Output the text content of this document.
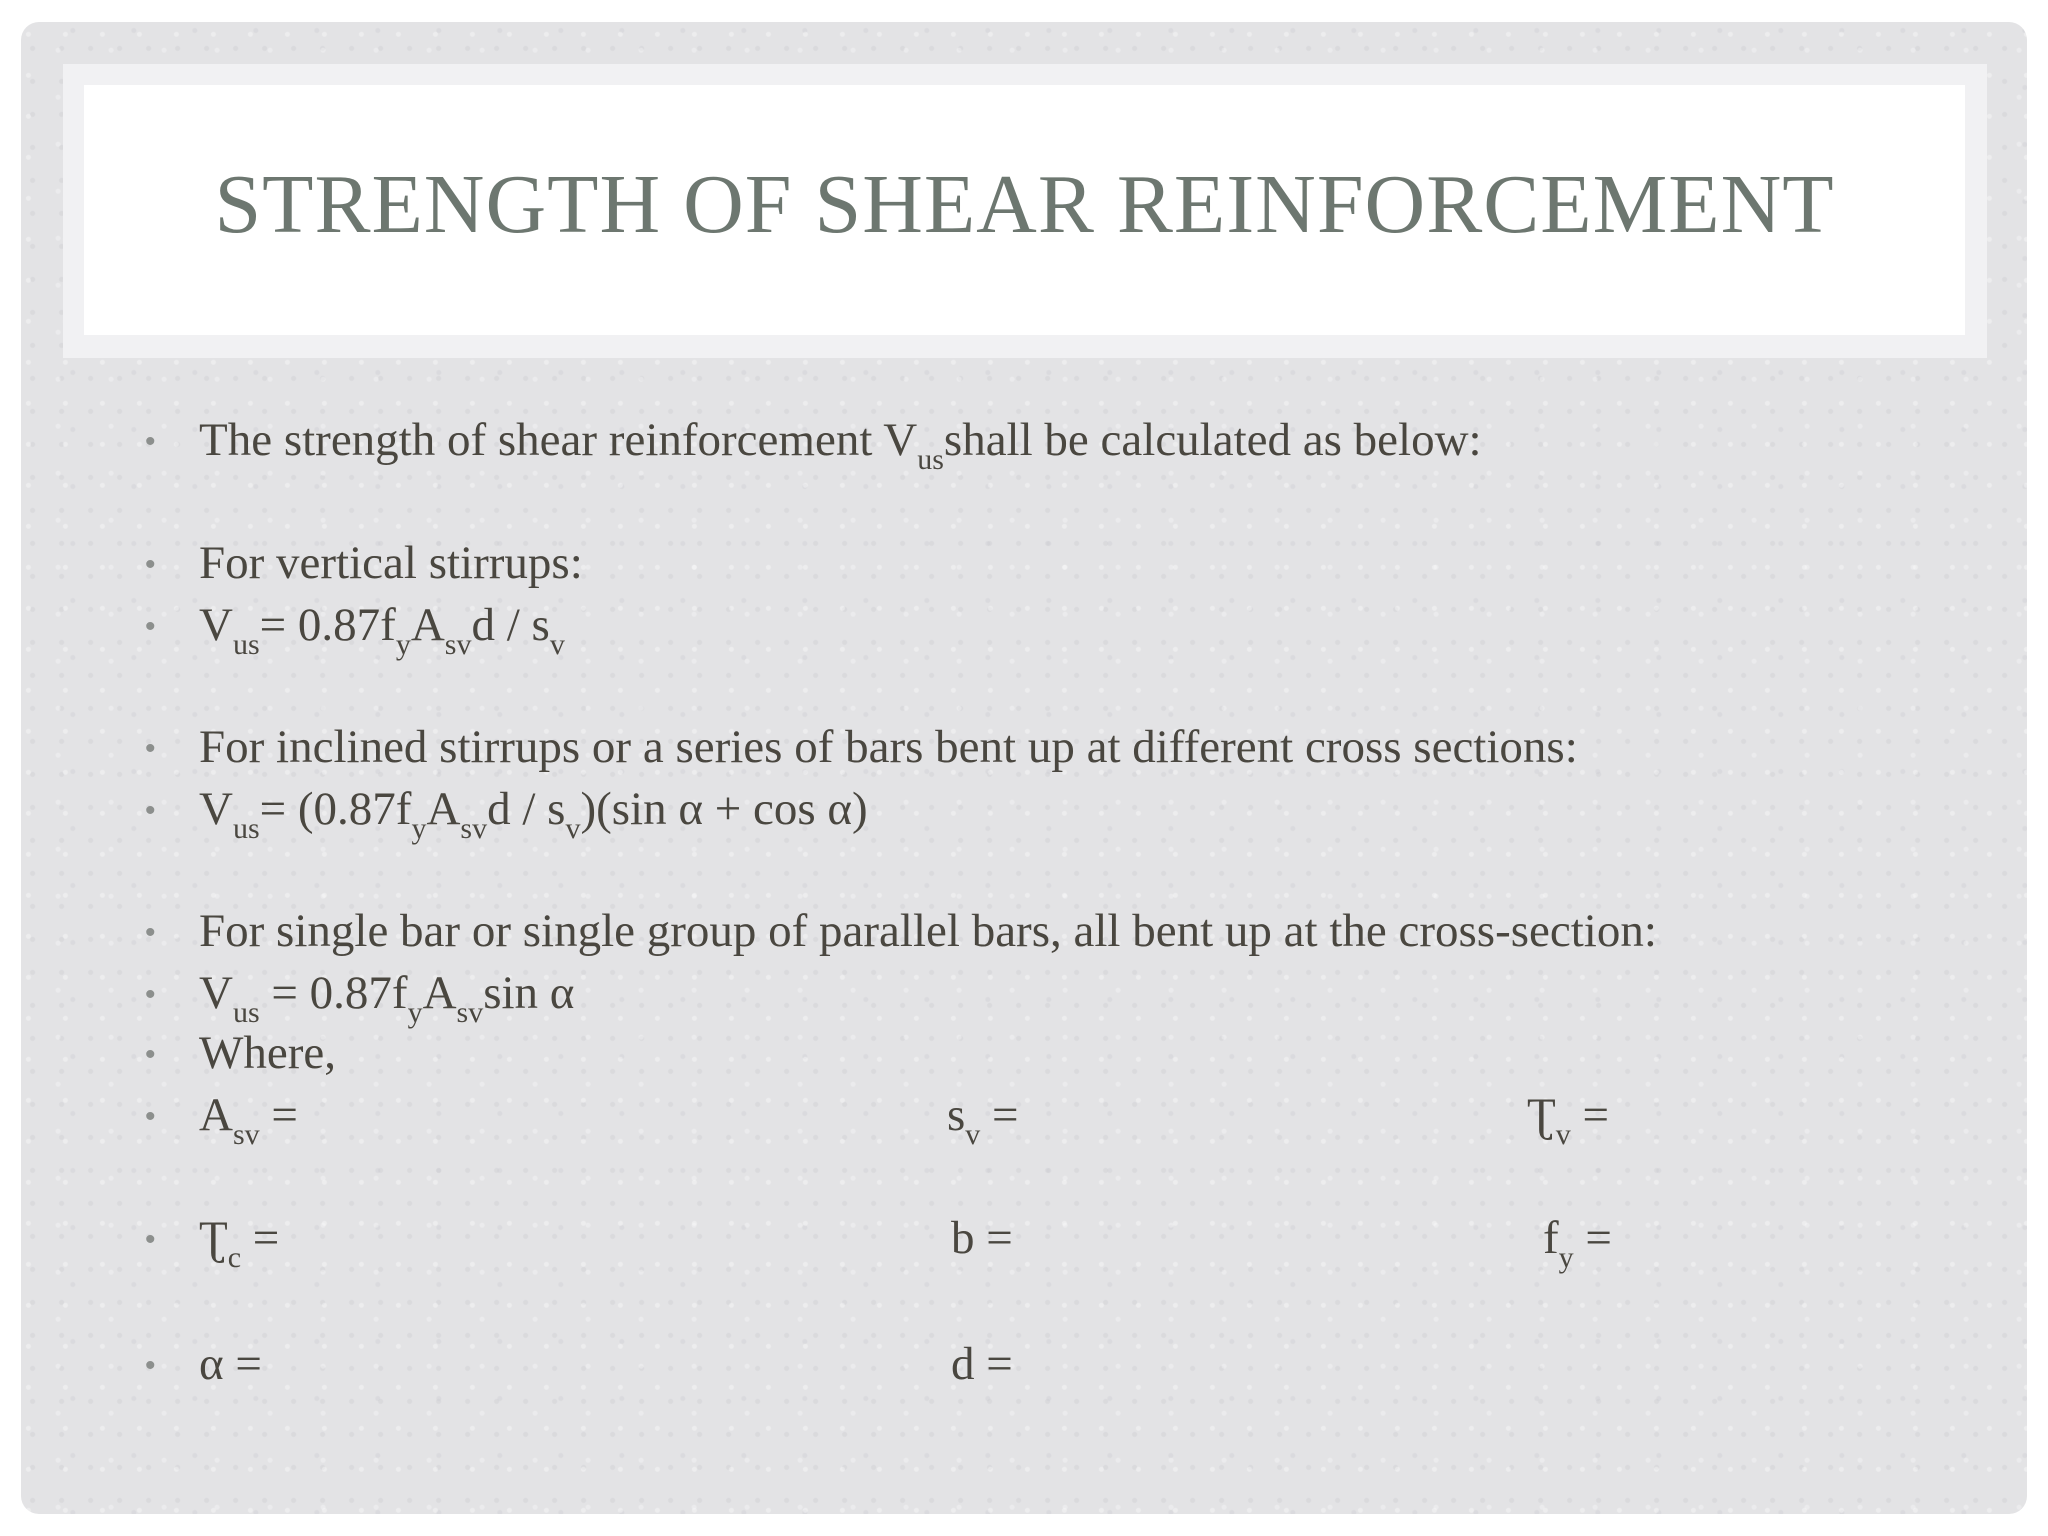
STRENGTH OF SHEAR REINFORCEMENT
• The strength of shear reinforcement $V_{us}shall$ be calculated as below:
• For vertical stirrups:
• $V_{us}= 0.87f_yA_{sv}d / s_v$
• For inclined stirrups or a series of bars bent up at different cross sections:
• $V_{us}= (0.87f_yA_{sv}d / s_v)(\sin$ α + cos α)
• For single bar or single group of parallel bars, all bent up at the cross-section:
• $V_{us} = 0.87f_yA_{sv}\sin$ α
• Where,
• $A_{sv}$ =	$s_v$ =	$Ʈ_v$ =
• $Ʈ_c$ =	b =	$f_y$ =
• α =	d =
